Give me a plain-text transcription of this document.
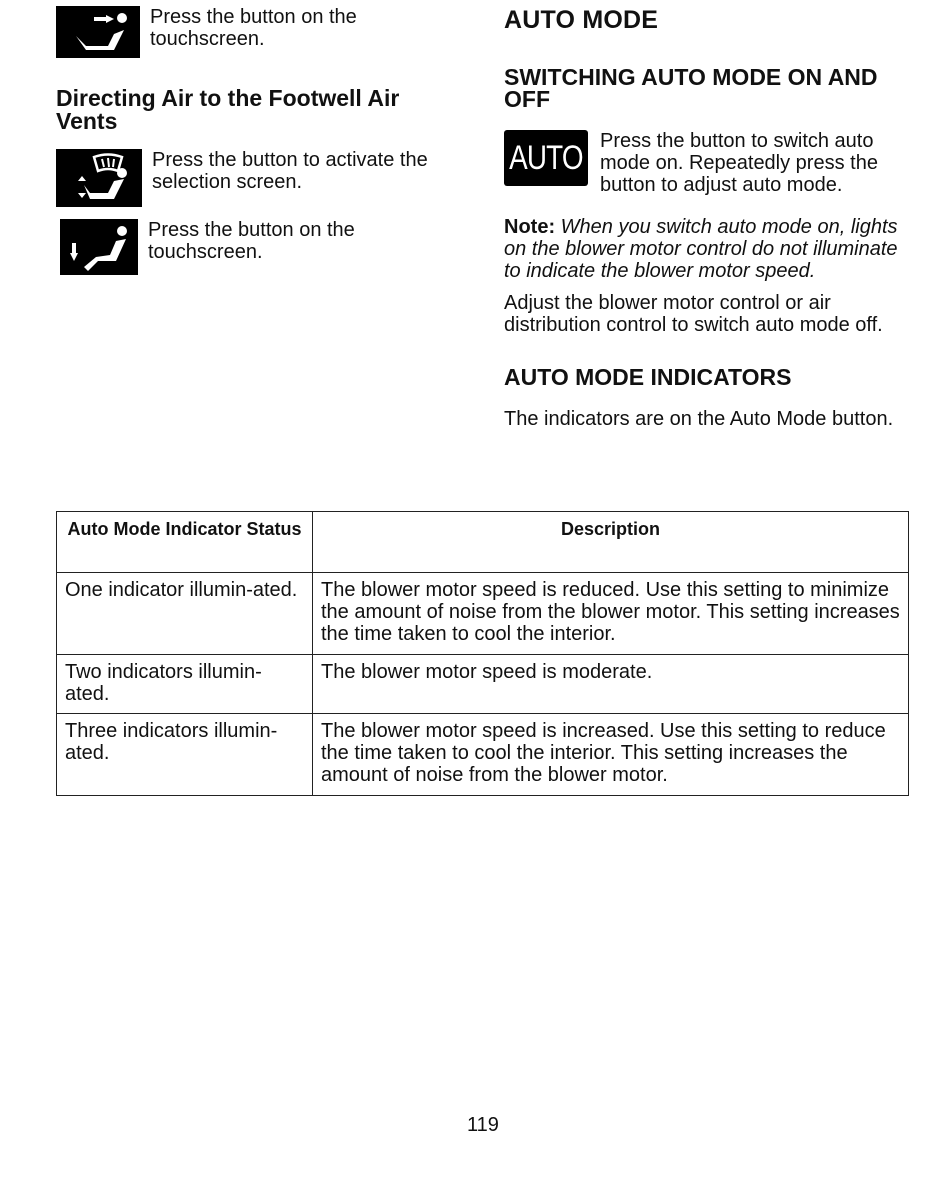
Press the button on the touchscreen.
Directing Air to the Footwell Air Vents
Press the button to activate the selection screen.
Press the button on the touchscreen.
AUTO MODE
SWITCHING AUTO MODE ON AND OFF
AUTO Press the button to switch auto mode on. Repeatedly press the button to adjust auto mode.

Note: When you switch auto mode on, lights on the blower motor control do not illuminate to indicate the blower motor speed.

Adjust the blower motor control or air distribution control to switch auto mode off.

AUTO MODE INDICATORS

The indicators are on the Auto Mode button.

Auto Mode Indicator Status	Description
One indicator illumin-ated.	The blower motor speed is reduced. Use this setting to minimize the amount of noise from the blower motor. This setting increases the time taken to cool the interior.
Two indicators illumin-ated.	The blower motor speed is moderate.
Three indicators illumin-ated.	The blower motor speed is increased. Use this setting to reduce the time taken to cool the interior. This setting increases the amount of noise from the blower motor.
119
